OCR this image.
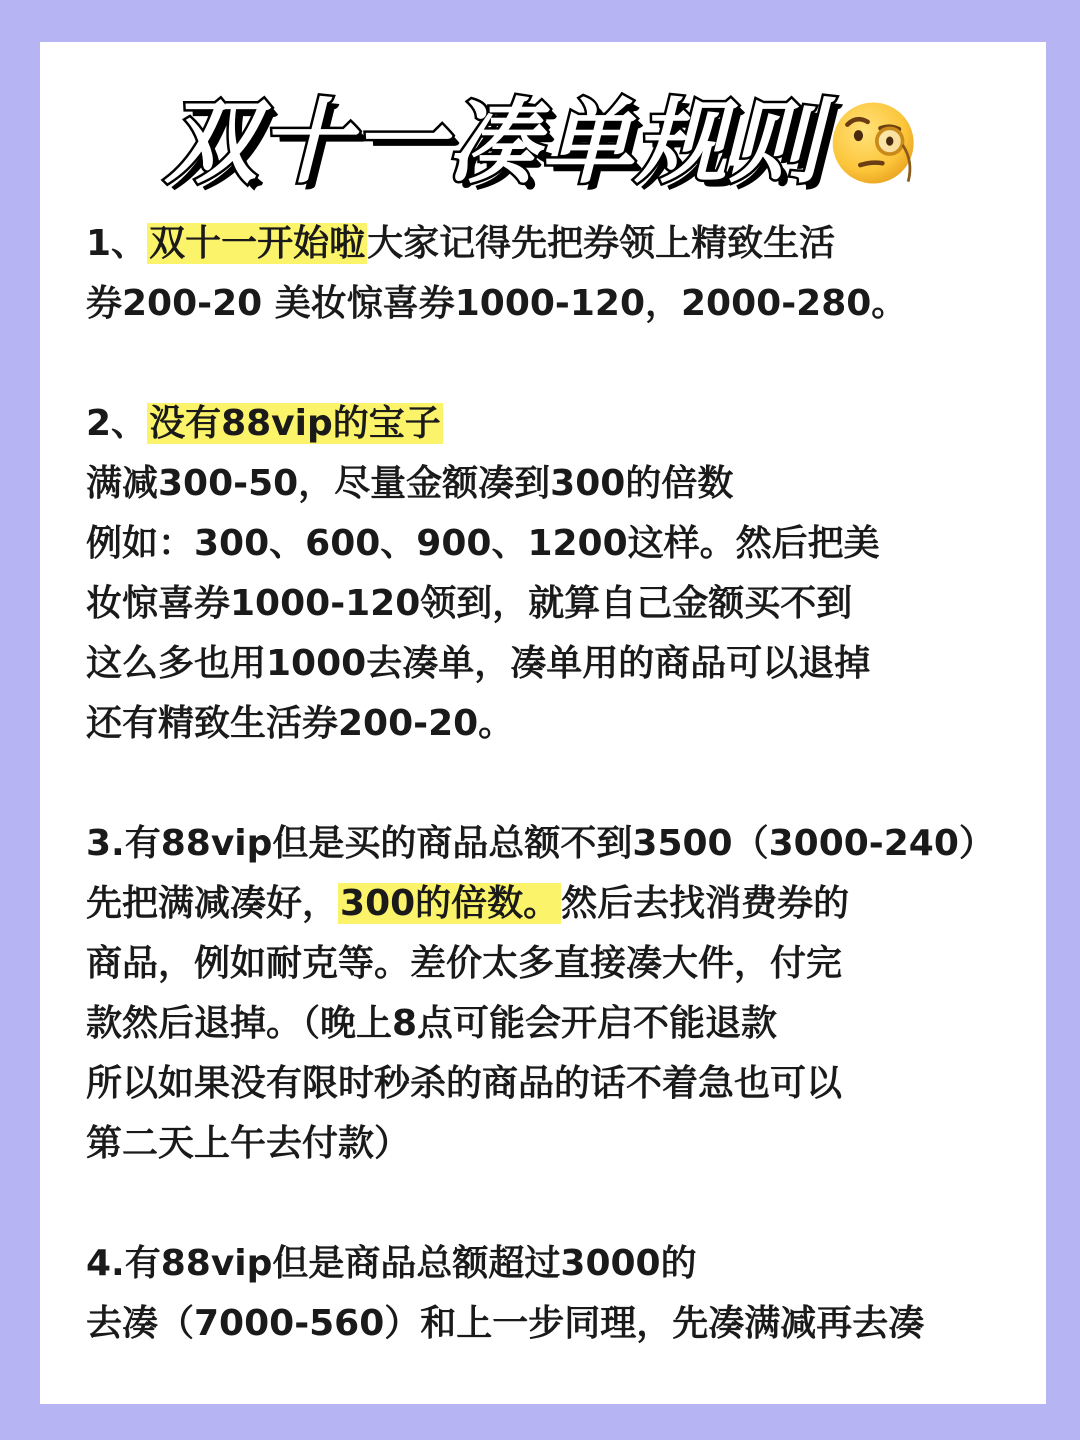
双十一凑单规则
1、双十一开始啦大家记得先把券领上精致生活
券200-20 美妆惊喜券1000-120，2000-280。
2、没有88vip的宝子
满减300-50，尽量金额凑到300的倍数
例如：300、600、900、1200这样。然后把美
妆惊喜券1000-120领到，就算自己金额买不到
这么多也用1000去凑单，凑单用的商品可以退掉
还有精致生活券200-20。
3.有88vip但是买的商品总额不到3500（3000-240）
先把满减凑好，300的倍数。然后去找消费券的
商品，例如耐克等。差价太多直接凑大件，付完
款然后退掉。（晚上8点可能会开启不能退款
所以如果没有限时秒杀的商品的话不着急也可以
第二天上午去付款）
4.有88vip但是商品总额超过3000的
去凑（7000-560）和上一步同理，先凑满减再去凑
